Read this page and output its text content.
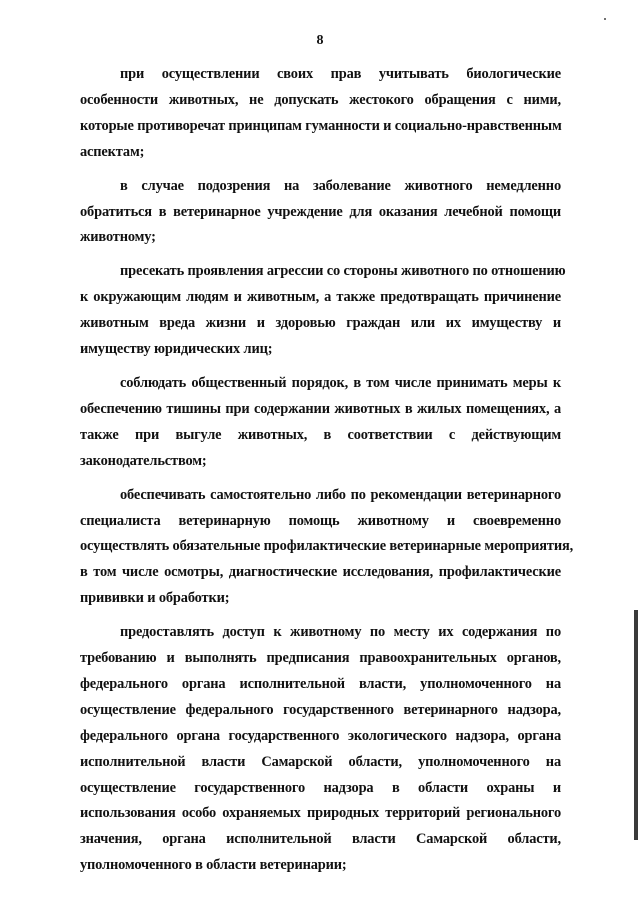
8

при осуществлении своих прав учитывать биологические
особенности животных, не допускать жестокого обращения с ними,
которые противоречат принципам гуманности и социально-нравственным
аспектам;

в случае подозрения на заболевание животного немедленно
обратиться в ветеринарное учреждение для оказания лечебной помощи
животному;

пресекать проявления агрессии со стороны животного по отношению
к окружающим людям и животным, а также предотвращать причинение
животным вреда жизни и здоровью граждан или их имуществу и
имуществу юридических лиц;

соблюдать общественный порядок, в том числе принимать меры к
обеспечению тишины при содержании животных в жилых помещениях, а
также при выгуле животных, в соответствии с действующим
законодательством;

обеспечивать самостоятельно либо по рекомендации ветеринарного
специалиста ветеринарную помощь животному и своевременно
осуществлять обязательные профилактические ветеринарные мероприятия,
в том числе осмотры, диагностические исследования, профилактические
прививки и обработки;

предоставлять доступ к животному по месту их содержания по
требованию и выполнять предписания правоохранительных органов,
федерального органа исполнительной власти, уполномоченного на
осуществление федерального государственного ветеринарного надзора,
федерального органа государственного экологического надзора, органа
исполнительной власти Самарской области, уполномоченного на
осуществление государственного надзора в области охраны и
использования особо охраняемых природных территорий регионального
значения, органа исполнительной власти Самарской области,
уполномоченного в области ветеринарии;
